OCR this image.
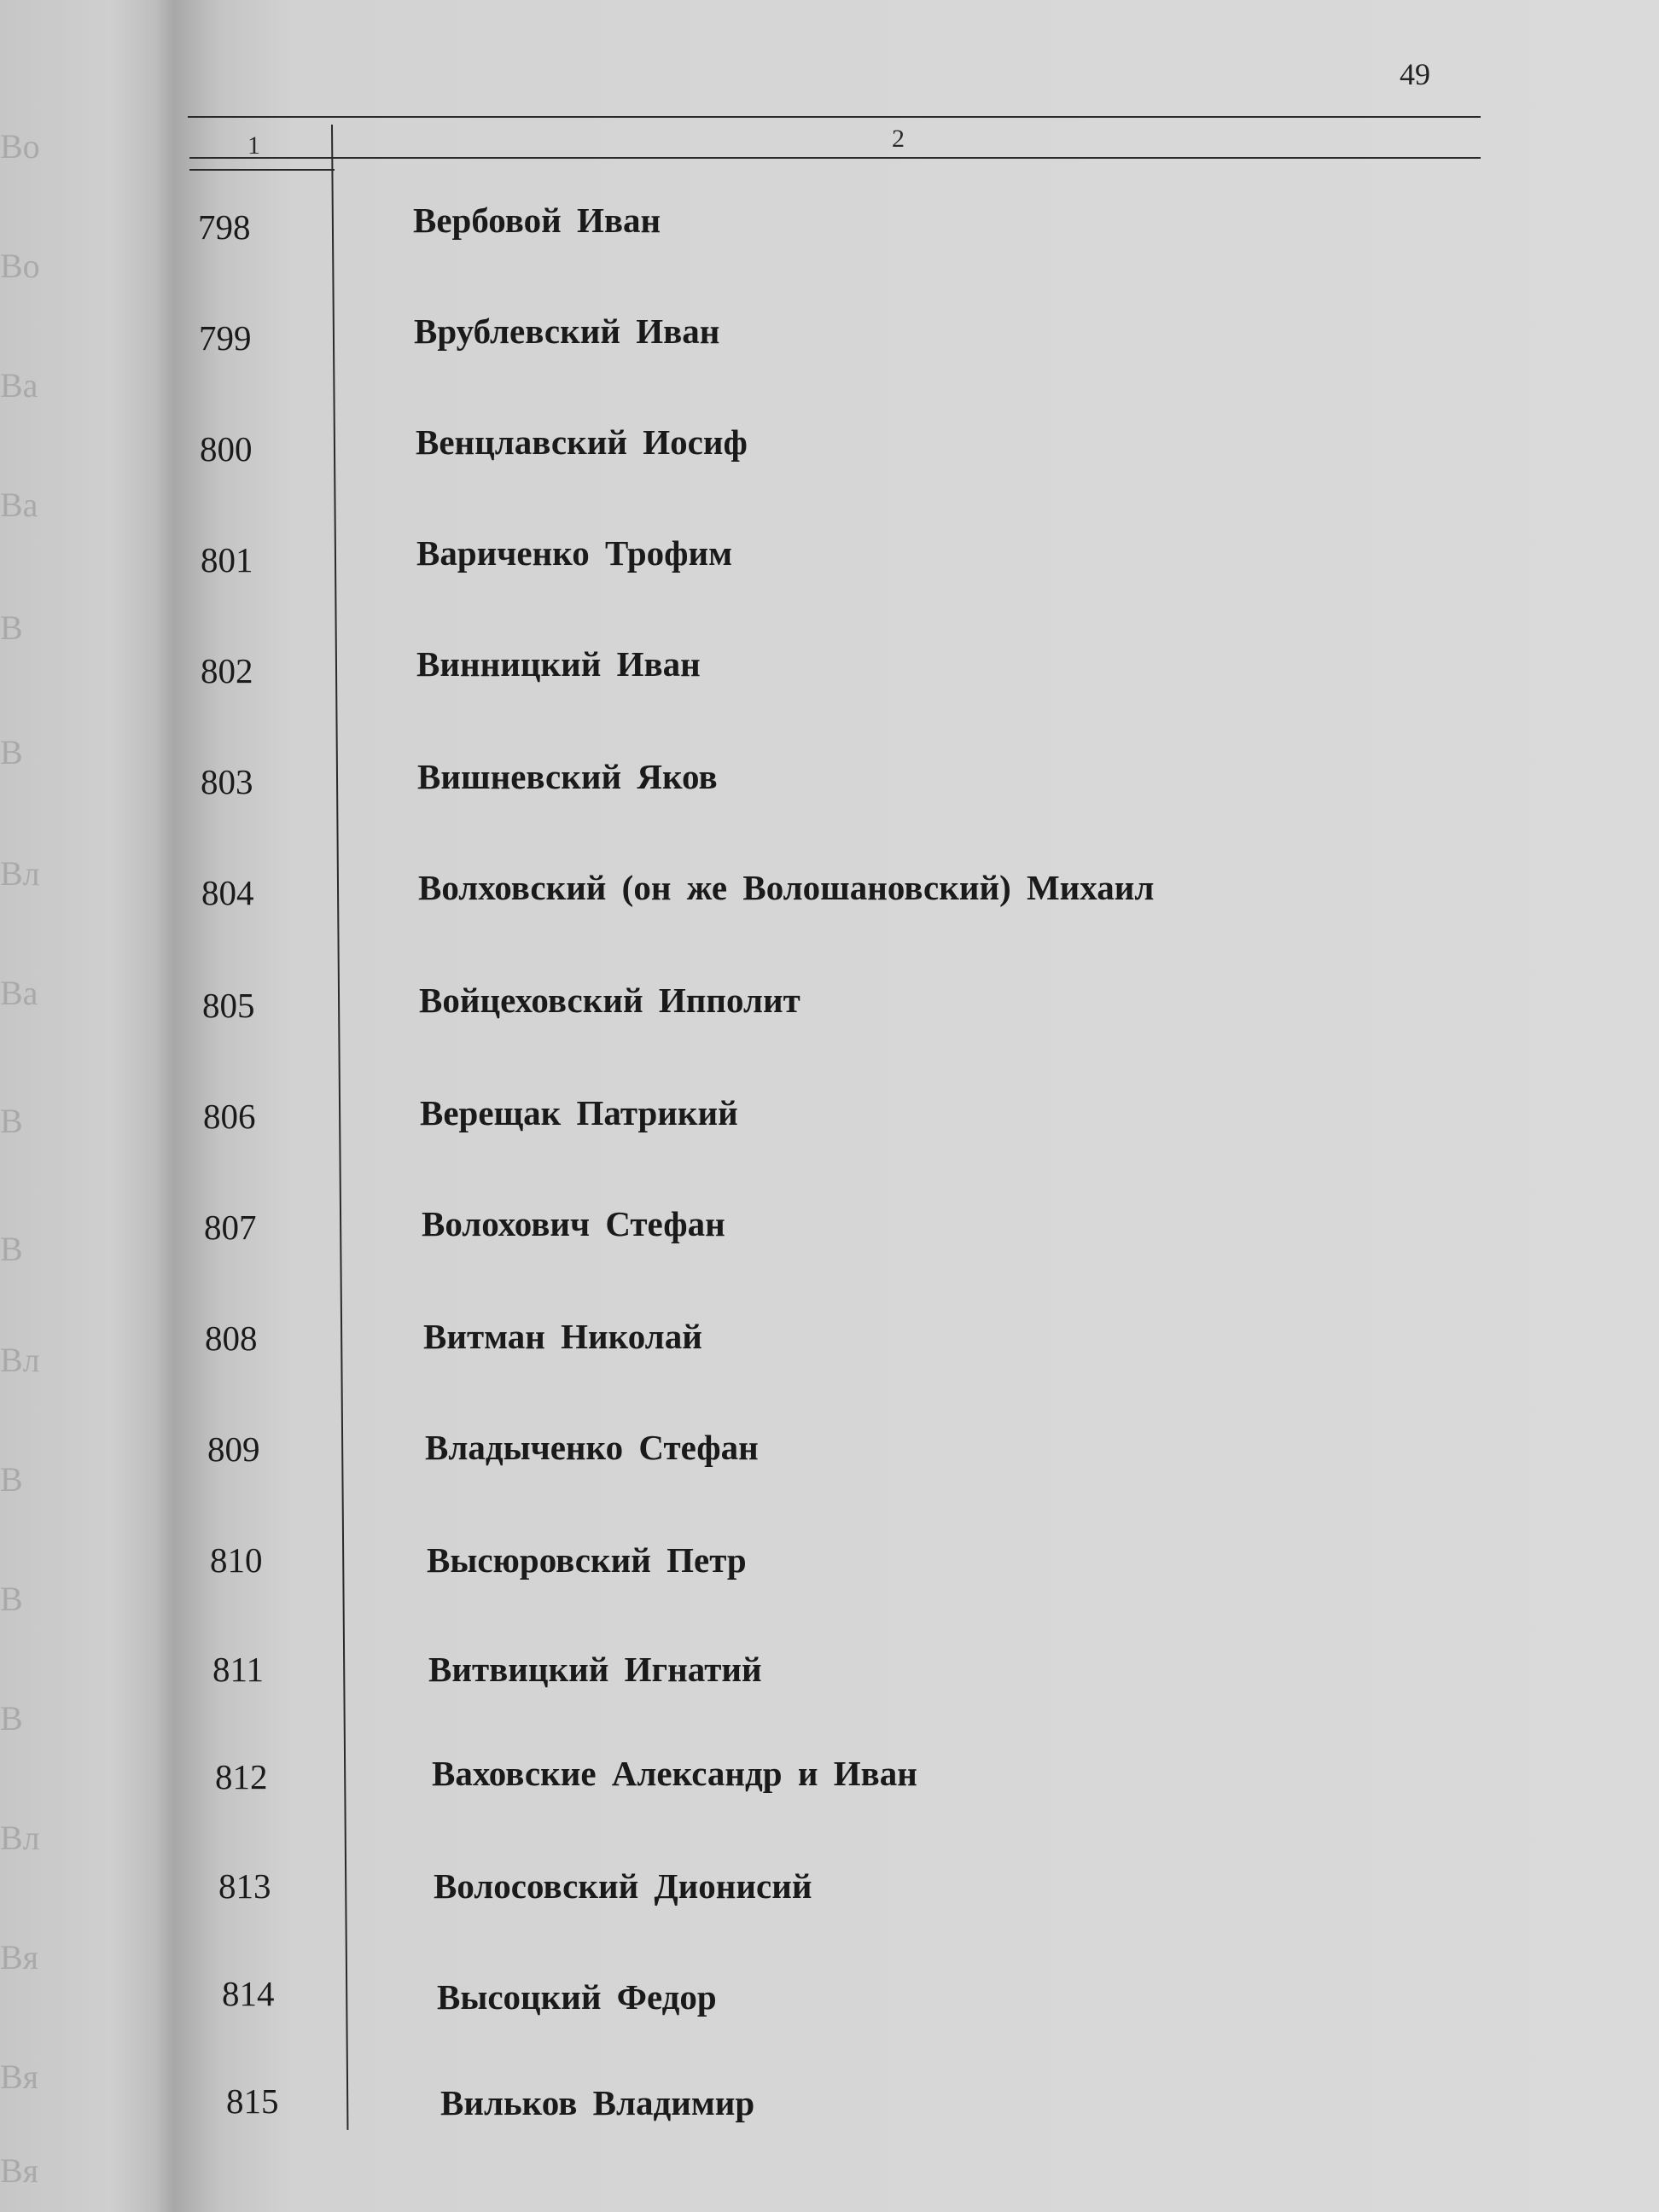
Во
Во
Ва
Ва
В
В
Вл
Ва
В
В
Вл
В
В
В
Вл
Вя
Вя
Вя
49
1	2
798	Вербовой Иван
799	Врублевский Иван
800	Венцлавский Иосиф
801	Вариченко Трофим
802	Винницкий Иван
803	Вишневский Яков
804	Волховский (он же Волошановский) Михаил
805	Войцеховский Ипполит
806	Верещак Патрикий
807	Волохович Стефан
808	Витман Николай
809	Владыченко Стефан
810	Высюровский Петр
811	Витвицкий Игнатий
812	Ваховские Александр и Иван
813	Волосовский Дионисий
814	Высоцкий Федор
815	Вильков Владимир
